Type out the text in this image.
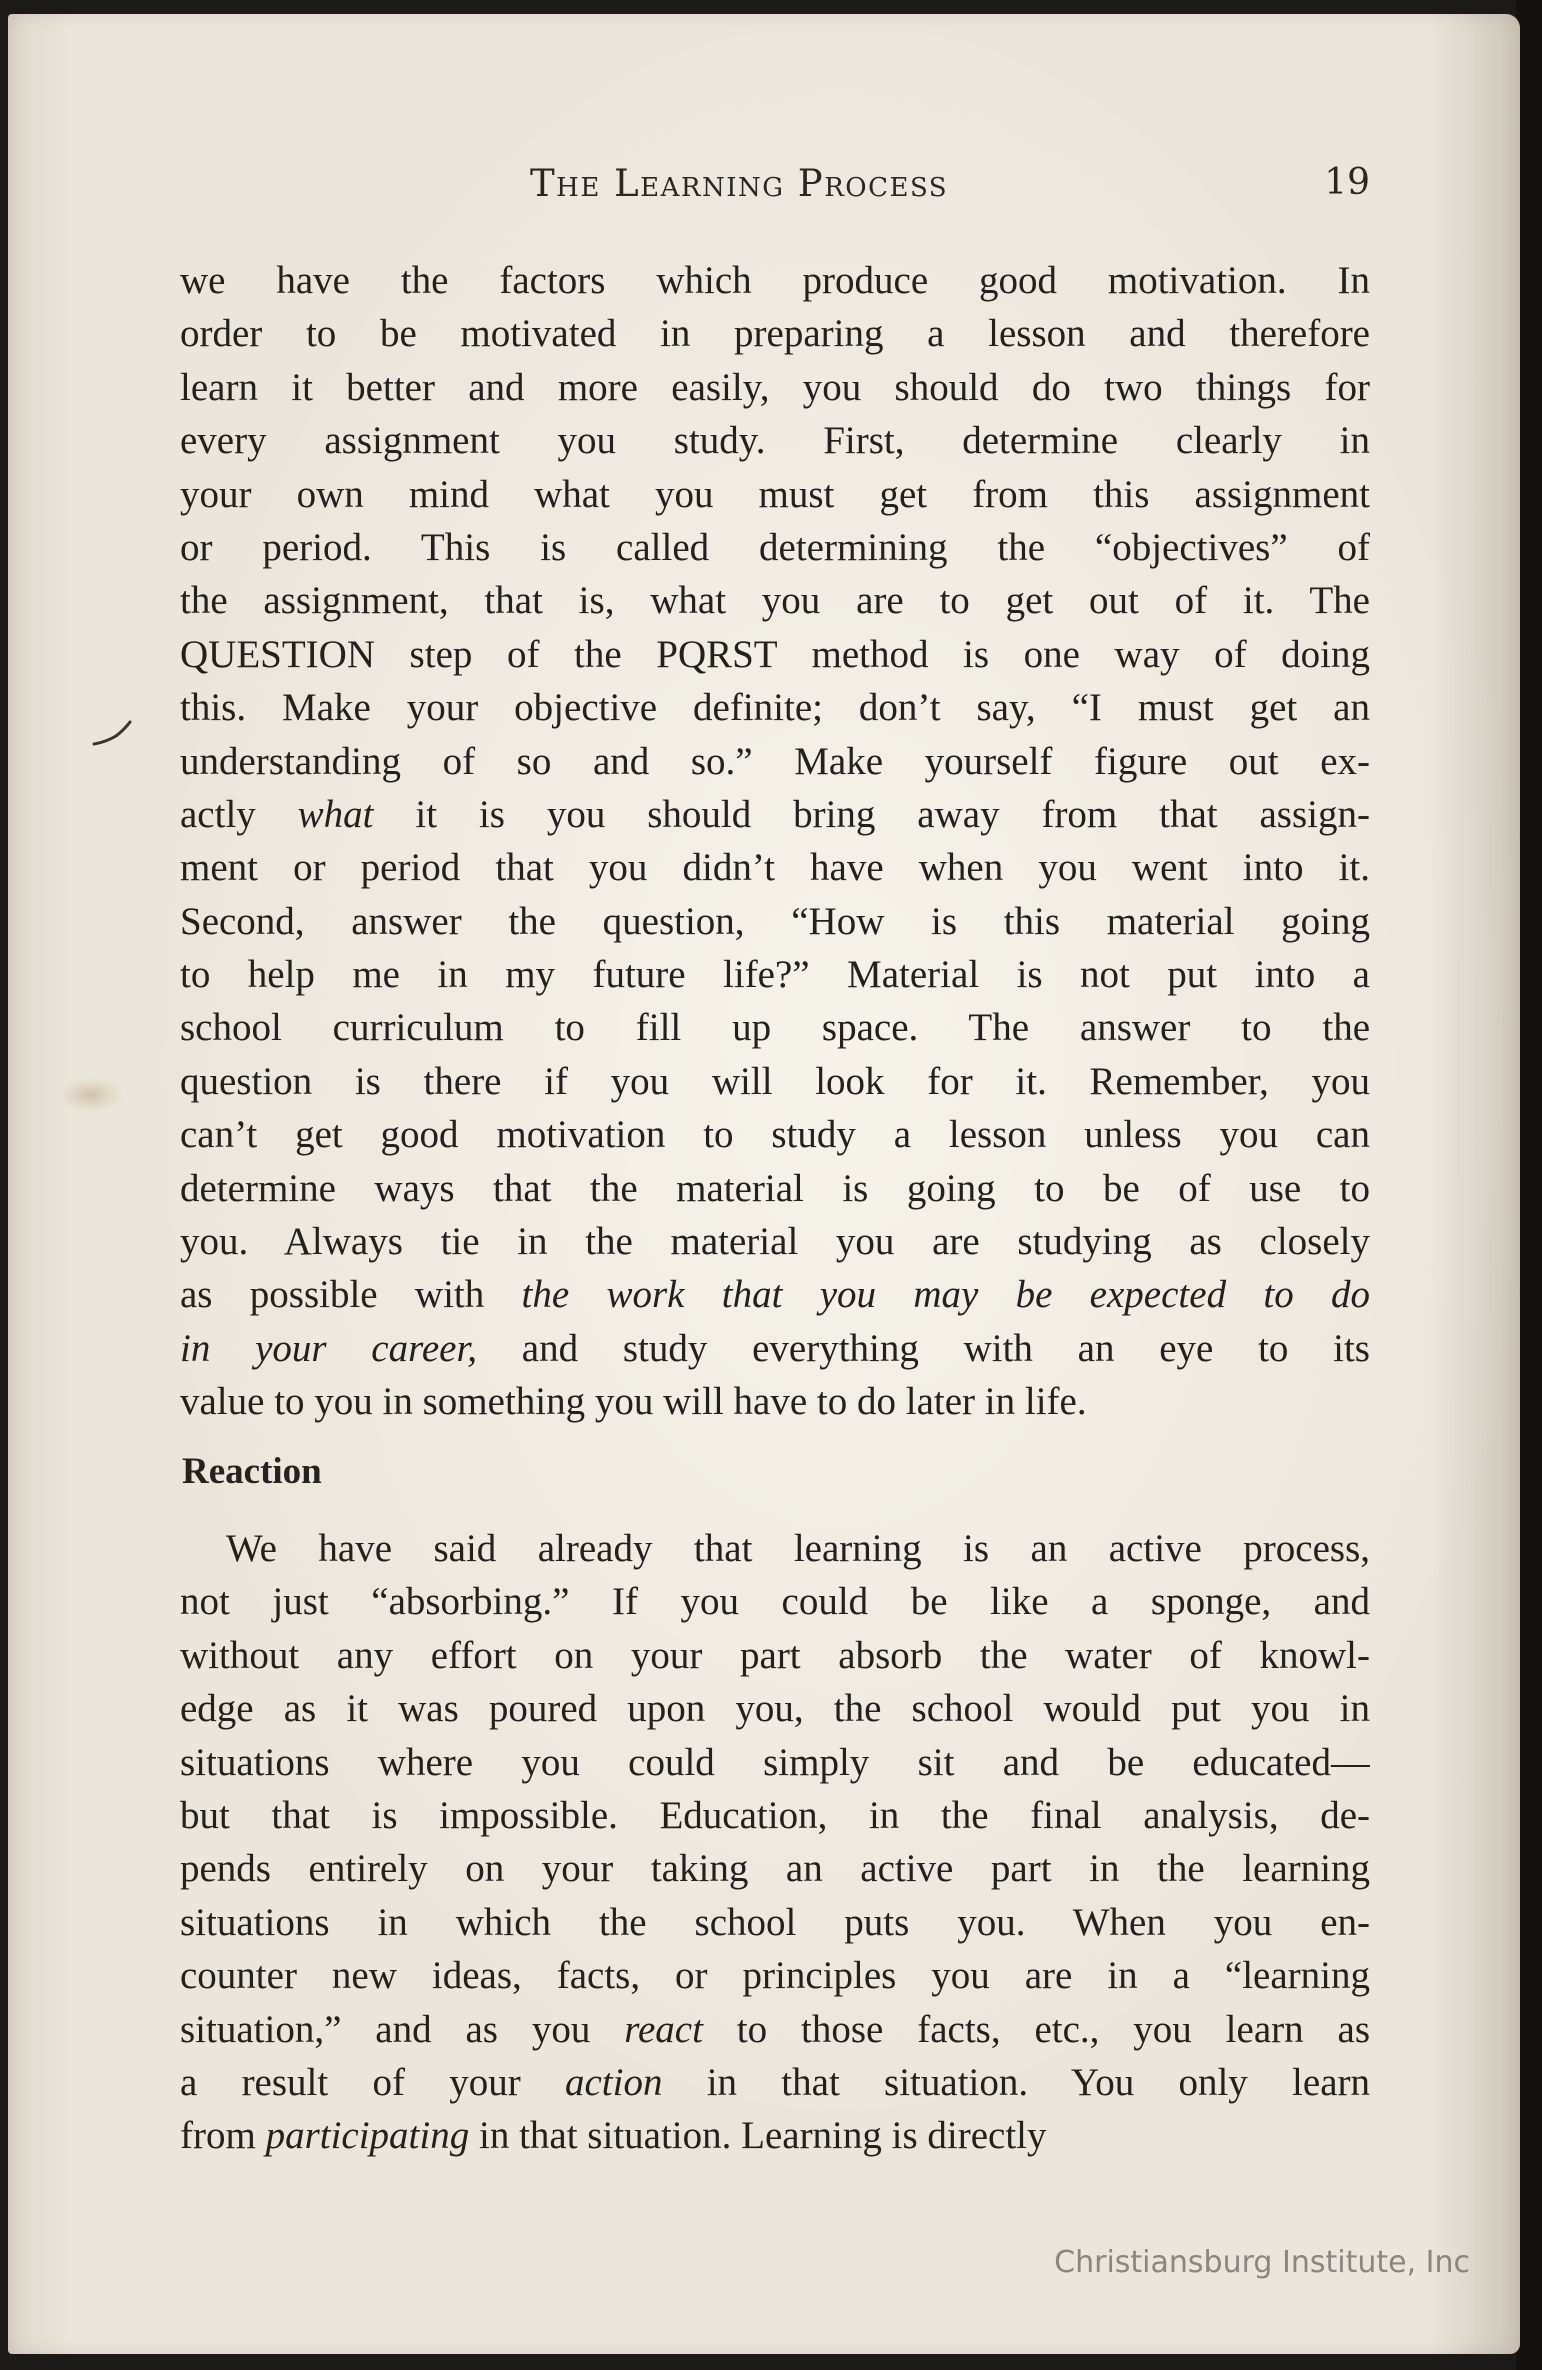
The Learning Process	19
we have the factors which produce good motivation. In
order to be motivated in preparing a lesson and therefore
learn it better and more easily, you should do two things for
every assignment you study. First, determine clearly in
your own mind what you must get from this assignment
or period. This is called determining the “objectives” of
the assignment, that is, what you are to get out of it. The
QUESTION step of the PQRST method is one way of doing
this. Make your objective definite; don’t say, “I must get an
understanding of so and so.” Make yourself figure out ex-
actly what it is you should bring away from that assign-
ment or period that you didn’t have when you went into it.
Second, answer the question, “How is this material going
to help me in my future life?” Material is not put into a
school curriculum to fill up space. The answer to the
question is there if you will look for it. Remember, you
can’t get good motivation to study a lesson unless you can
determine ways that the material is going to be of use to
you. Always tie in the material you are studying as closely
as possible with the work that you may be expected to do
in your career, and study everything with an eye to its
value to you in something you will have to do later in life.
Reaction
We have said already that learning is an active process,
not just “absorbing.” If you could be like a sponge, and
without any effort on your part absorb the water of knowl-
edge as it was poured upon you, the school would put you in
situations where you could simply sit and be educated—
but that is impossible. Education, in the final analysis, de-
pends entirely on your taking an active part in the learning
situations in which the school puts you. When you en-
counter new ideas, facts, or principles you are in a “learning
situation,” and as you react to those facts, etc., you learn as
a result of your action in that situation. You only learn
from participating in that situation. Learning is directly
Christiansburg Institute, Inc
